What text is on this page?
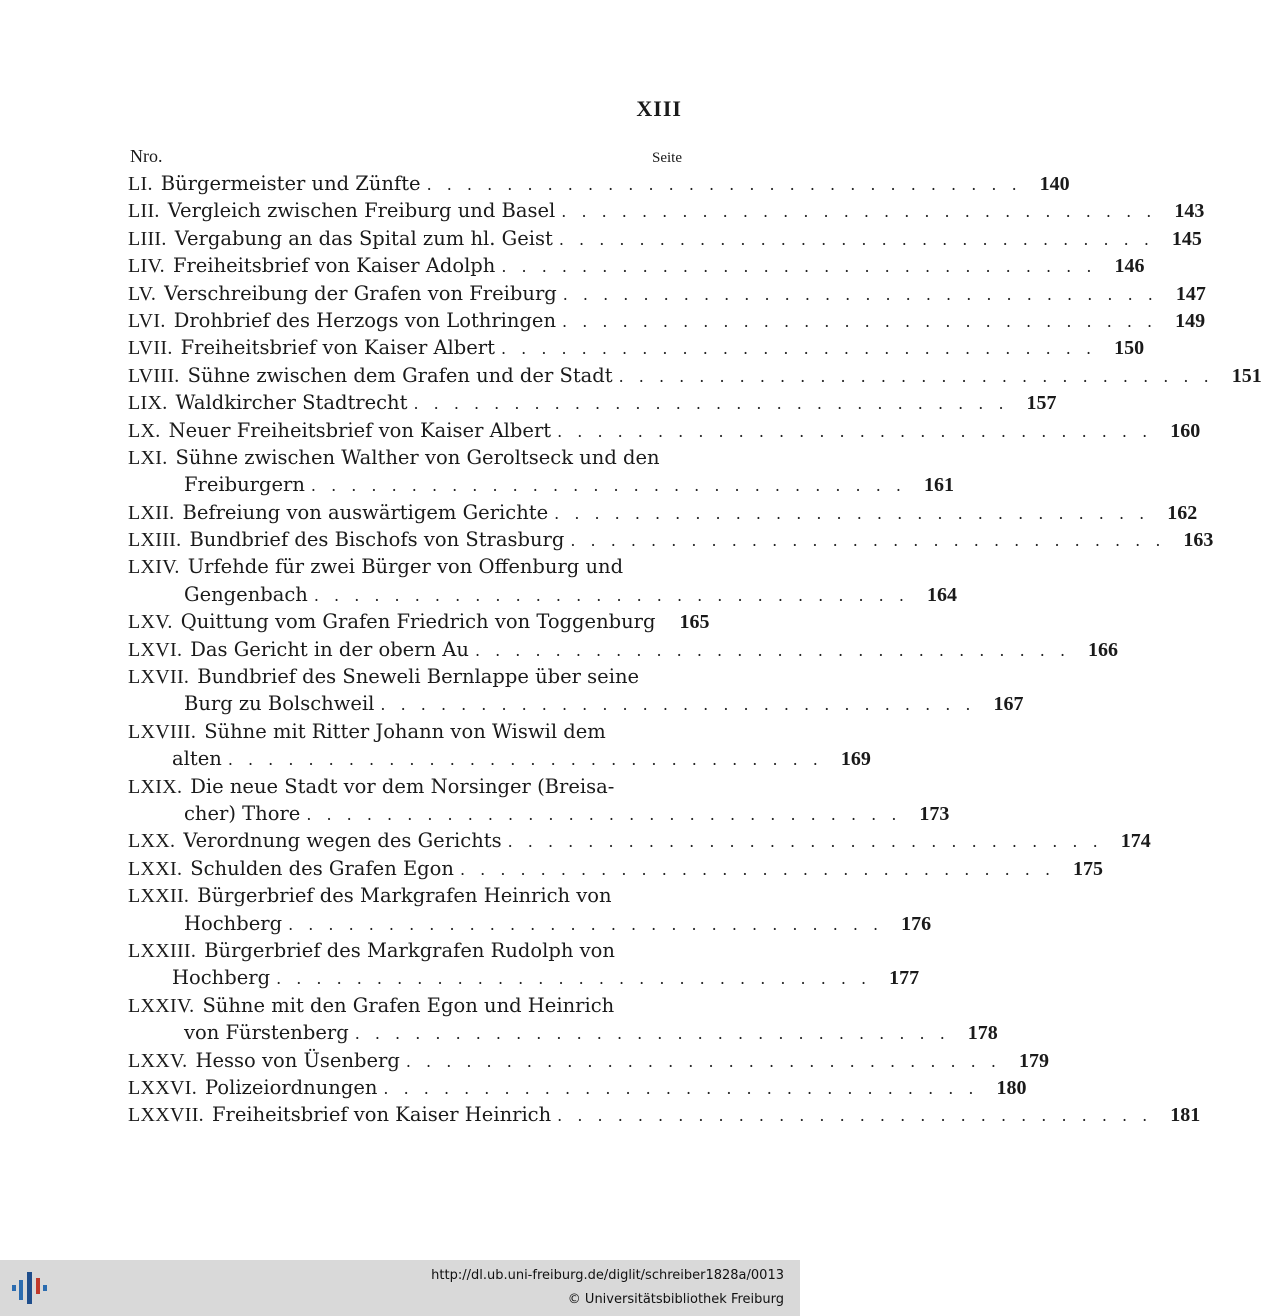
XIII
Nro.	Seite
LI. Bürgermeister und Zünfte . . . . . . . . . . . . . . . . . . . . . . . . . . . . . . 140
LII. Vergleich zwischen Freiburg und Basel . . . . . . . . . . . . . . . . . . . . . . . . . . . . . . 143
LIII. Vergabung an das Spital zum hl. Geist . . . . . . . . . . . . . . . . . . . . . . . . . . . . . . 145
LIV. Freiheitsbrief von Kaiser Adolph . . . . . . . . . . . . . . . . . . . . . . . . . . . . . . 146
LV. Verschreibung der Grafen von Freiburg . . . . . . . . . . . . . . . . . . . . . . . . . . . . . . 147
LVI. Drohbrief des Herzogs von Lothringen . . . . . . . . . . . . . . . . . . . . . . . . . . . . . . 149
LVII. Freiheitsbrief von Kaiser Albert . . . . . . . . . . . . . . . . . . . . . . . . . . . . . . 150
LVIII. Sühne zwischen dem Grafen und der Stadt . . . . . . . . . . . . . . . . . . . . . . . . . . . . . . 151
LIX. Waldkircher Stadtrecht . . . . . . . . . . . . . . . . . . . . . . . . . . . . . . 157
LX. Neuer Freiheitsbrief von Kaiser Albert . . . . . . . . . . . . . . . . . . . . . . . . . . . . . . 160
LXI. Sühne zwischen Walther von Geroltseck und den
Freiburgern . . . . . . . . . . . . . . . . . . . . . . . . . . . . . . 161
LXII. Befreiung von auswärtigem Gerichte . . . . . . . . . . . . . . . . . . . . . . . . . . . . . . 162
LXIII. Bundbrief des Bischofs von Strasburg . . . . . . . . . . . . . . . . . . . . . . . . . . . . . . 163
LXIV. Urfehde für zwei Bürger von Offenburg und
Gengenbach . . . . . . . . . . . . . . . . . . . . . . . . . . . . . . 164
LXV. Quittung vom Grafen Friedrich von Toggenburg	165
LXVI. Das Gericht in der obern Au . . . . . . . . . . . . . . . . . . . . . . . . . . . . . . 166
LXVII. Bundbrief des Sneweli Bernlappe über seine
Burg zu Bolschweil . . . . . . . . . . . . . . . . . . . . . . . . . . . . . . 167
LXVIII. Sühne mit Ritter Johann von Wiswil dem
alten . . . . . . . . . . . . . . . . . . . . . . . . . . . . . . 169
LXIX. Die neue Stadt vor dem Norsinger (Breisa-
cher) Thore . . . . . . . . . . . . . . . . . . . . . . . . . . . . . . 173
LXX. Verordnung wegen des Gerichts . . . . . . . . . . . . . . . . . . . . . . . . . . . . . . 174
LXXI. Schulden des Grafen Egon . . . . . . . . . . . . . . . . . . . . . . . . . . . . . . 175
LXXII. Bürgerbrief des Markgrafen Heinrich von
Hochberg . . . . . . . . . . . . . . . . . . . . . . . . . . . . . . 176
LXXIII. Bürgerbrief des Markgrafen Rudolph von
Hochberg . . . . . . . . . . . . . . . . . . . . . . . . . . . . . . 177
LXXIV. Sühne mit den Grafen Egon und Heinrich
von Fürstenberg . . . . . . . . . . . . . . . . . . . . . . . . . . . . . . 178
LXXV. Hesso von Üsenberg . . . . . . . . . . . . . . . . . . . . . . . . . . . . . . 179
LXXVI. Polizeiordnungen . . . . . . . . . . . . . . . . . . . . . . . . . . . . . . 180
LXXVII. Freiheitsbrief von Kaiser Heinrich . . . . . . . . . . . . . . . . . . . . . . . . . . . . . . 181
http://dl.ub.uni-freiburg.de/diglit/schreiber1828a/0013
© Universitätsbibliothek Freiburg
